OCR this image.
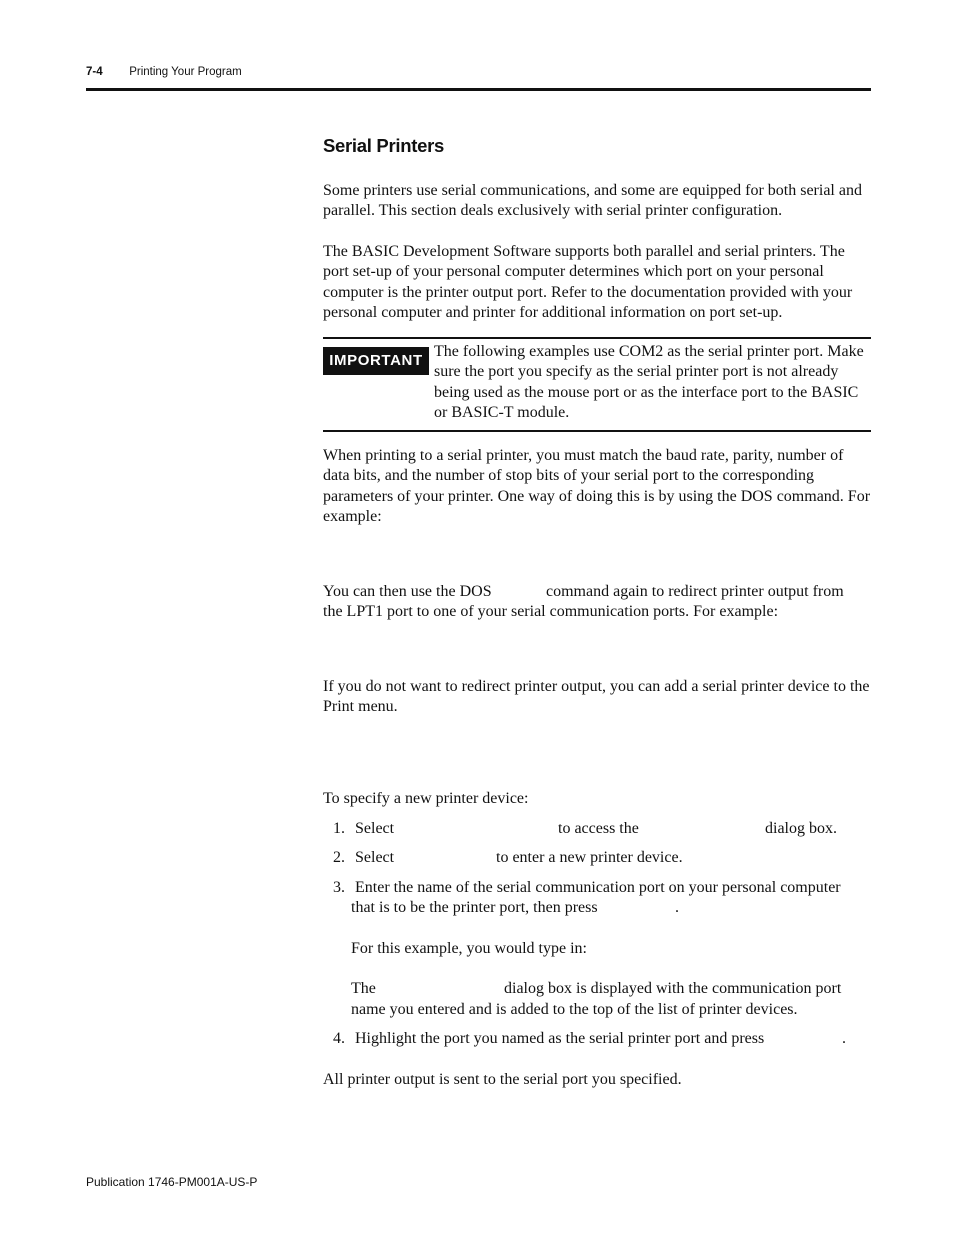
7-4 Printing Your Program
Serial Printers

Some printers use serial communications, and some are equipped for both serial and parallel. This section deals exclusively with serial printer configuration.

The BASIC Development Software supports both parallel and serial printers. The port set-up of your personal computer determines which port on your personal computer is the printer output port. Refer to the documentation provided with your personal computer and printer for additional information on port set-up.

IMPORTANT

The following examples use COM2 as the serial printer port. Make sure the port you specify as the serial printer port is not already being used as the mouse port or as the interface port to the BASIC or BASIC-T module.

When printing to a serial printer, you must match the baud rate, parity, number of data bits, and the number of stop bits of your serial port to the corresponding parameters of your printer. One way of doing this is by using the DOS command. For example:

You can then use the DOS	command again to redirect printer output from
the LPT1 port to one of your serial communication ports. For example:

If you do not want to redirect printer output, you can add a serial printer device to the Print menu.

To specify a new printer device:

1. Select	to access the	dialog box.
2. Select	to enter a new printer device.
3. Enter the name of the serial communication port on your personal computer
that is to be the printer port, then press	.
For this example, you would type in:
The	dialog box is displayed with the communication port
name you entered and is added to the top of the list of printer devices.
4. Highlight the port you named as the serial printer port and press	.

All printer output is sent to the serial port you specified.

Publication 1746-PM001A-US-P
